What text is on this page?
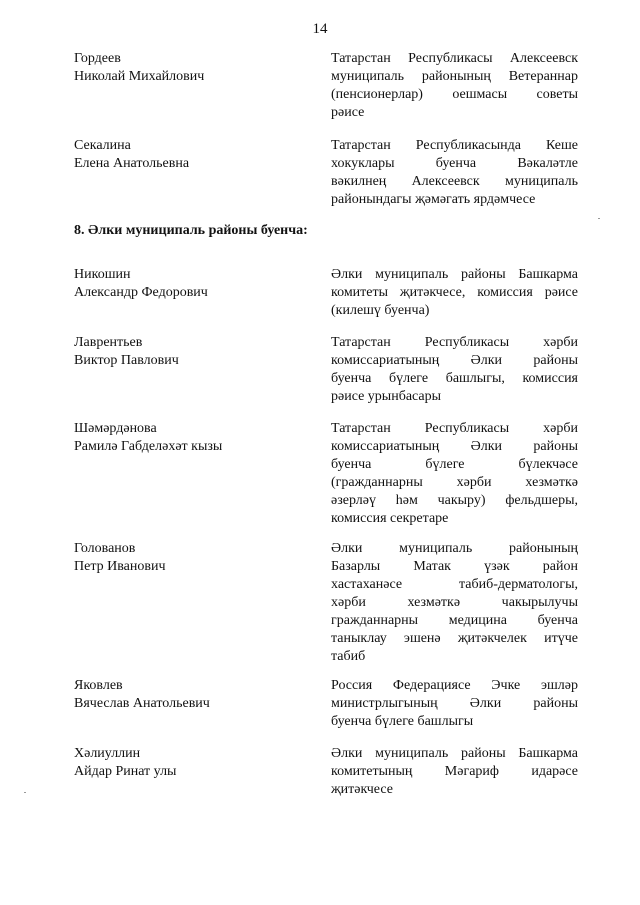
14
Гордеев
Николай Михайлович
Татарстан Республикасы Алексеевск
муниципаль районының Ветераннар
(пенсионерлар) оешмасы советы
рәисе
Секалина
Елена Анатольевна
Татарстан Республикасында Кеше
хокуклары буенча Вәкаләтле
вәкилнең Алексеевск муниципаль
районындагы җәмәгать ярдәмчесе
8. Әлки муниципаль районы буенча:
Никошин
Александр Федорович
Әлки муниципаль районы Башкарма
комитеты җитәкчесе, комиссия рәисе
(килешү буенча)
Лаврентьев
Виктор Павлович
Татарстан Республикасы хәрби
комиссариатының Әлки районы
буенча бүлеге башлыгы, комиссия
рәисе урынбасары
Шәмәрдәнова
Рамилә Габделәхәт кызы
Татарстан Республикасы хәрби
комиссариатының Әлки районы
буенча бүлеге бүлекчәсе
(гражданнарны хәрби хезмәткә
әзерләү һәм чакыру) фельдшеры,
комиссия секретаре
Голованов
Петр Иванович
Әлки муниципаль районының
Базарлы Матак үзәк район
хастаханәсе табиб-дерматологы,
хәрби хезмәткә чакырылучы
гражданнарны медицина буенча
таныклау эшенә җитәкчелек итүче
табиб
Яковлев
Вячеслав Анатольевич
Россия Федерациясе Эчке эшләр
министрлыгының Әлки районы
буенча бүлеге башлыгы
Хәлиуллин
Айдар Ринат улы
Әлки муниципаль районы Башкарма
комитетының Мәгариф идарәсе
җитәкчесе
